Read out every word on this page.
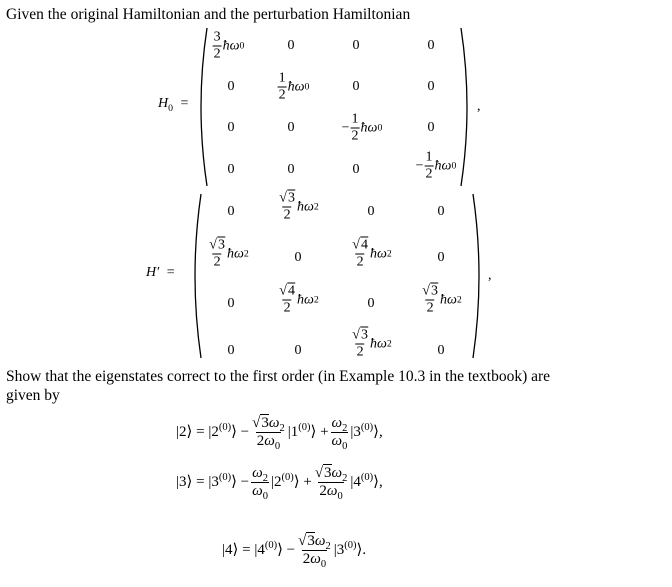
Given the original Hamiltonian and the perturbation Hamiltonian
$H_0$ =	,
$\frac{3}{2}$ ħω 0	0	0	0
0	$\frac{1}{2}$ ħω 0	0	0
0	0	− $\frac{1}{2}$ ħω 0	0
0	0	0	− $\frac{1}{2}$ ħω 0
H′ =	,
0	$\frac{√3}{2}$ ħω 2	0	0
$\frac{√3}{2}$ ħω 2	0	$\frac{√4}{2}$ ħω 2	0
0	$\frac{√4}{2}$ ħω 2	0	$\frac{√3}{2}$ ħω 2
0	0	$\frac{√3}{2}$ ħω 2	0
Show that the eigenstates correct to the first order (in Example 10.3 in the textbook) are
given by
|2⟩ = $|2^{(0)}⟩ - \frac{√3\omega_2}{2\omega_0}$ $|1^{(0)}⟩ + \frac{\omega_2}{\omega_0}$ |3$^{(0)}$⟩,
|3⟩ = $|3^{(0)}⟩ - \frac{\omega_2}{\omega_0}$ $|2^{(0)}⟩ + \frac{√3\omega_2}{2\omega_0}$ |4$^{(0)}$⟩,
|4⟩ = $|4^{(0)}⟩ - \frac{√3\omega_2}{2\omega_0}$ |3$^{(0)}$⟩.
